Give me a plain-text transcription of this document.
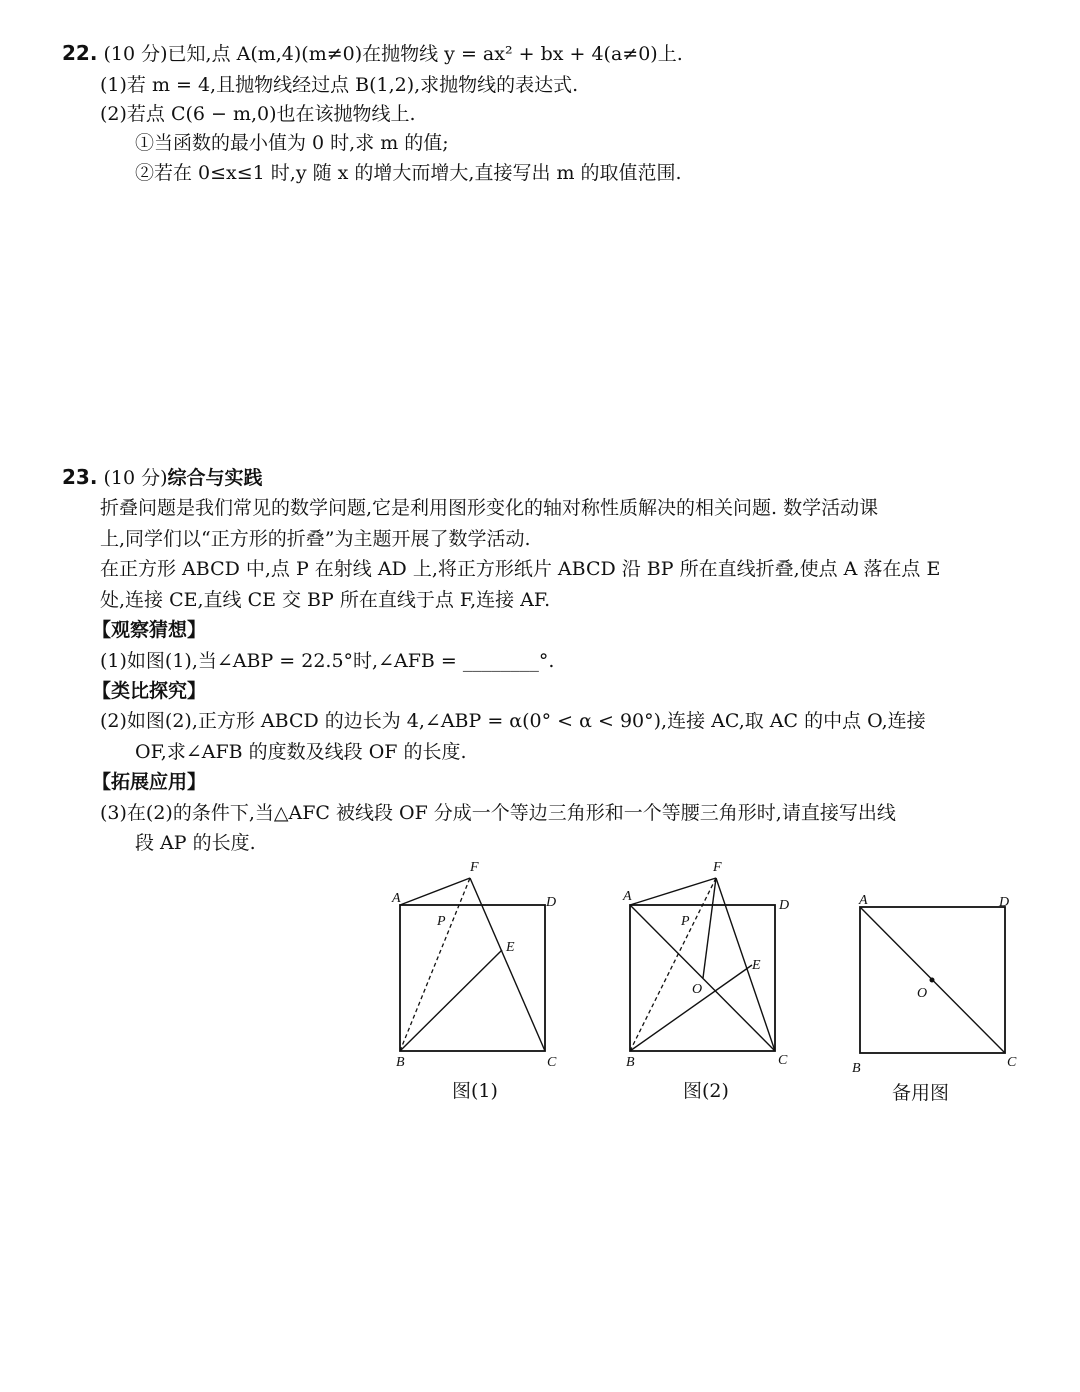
22. (10 分)已知,点 A(m,4)(m≠0)在抛物线 y = ax² + bx + 4(a≠0)上.
(1)若 m = 4,且抛物线经过点 B(1,2),求抛物线的表达式.
(2)若点 C(6 − m,0)也在该抛物线上.
①当函数的最小值为 0 时,求 m 的值;
②若在 0≤x≤1 时,y 随 x 的增大而增大,直接写出 m 的取值范围.
23. (10 分)综合与实践
折叠问题是我们常见的数学问题,它是利用图形变化的轴对称性质解决的相关问题. 数学活动课
上,同学们以“正方形的折叠”为主题开展了数学活动.
在正方形 ABCD 中,点 P 在射线 AD 上,将正方形纸片 ABCD 沿 BP 所在直线折叠,使点 A 落在点 E
处,连接 CE,直线 CE 交 BP 所在直线于点 F,连接 AF.
【观察猜想】
(1)如图(1),当∠ABP = 22.5°时,∠AFB = ________°.
【类比探究】
(2)如图(2),正方形 ABCD 的边长为 4,∠ABP = α(0° < α < 90°),连接 AC,取 AC 的中点 O,连接
OF,求∠AFB 的度数及线段 OF 的长度.
【拓展应用】
(3)在(2)的条件下,当△AFC 被线段 OF 分成一个等边三角形和一个等腰三角形时,请直接写出线
段 AP 的长度.
A
B	C
D
P
E
F
图(1)
A
B	C
D
P
E
F
O
图(2)
A
B	C
D
O
备用图
